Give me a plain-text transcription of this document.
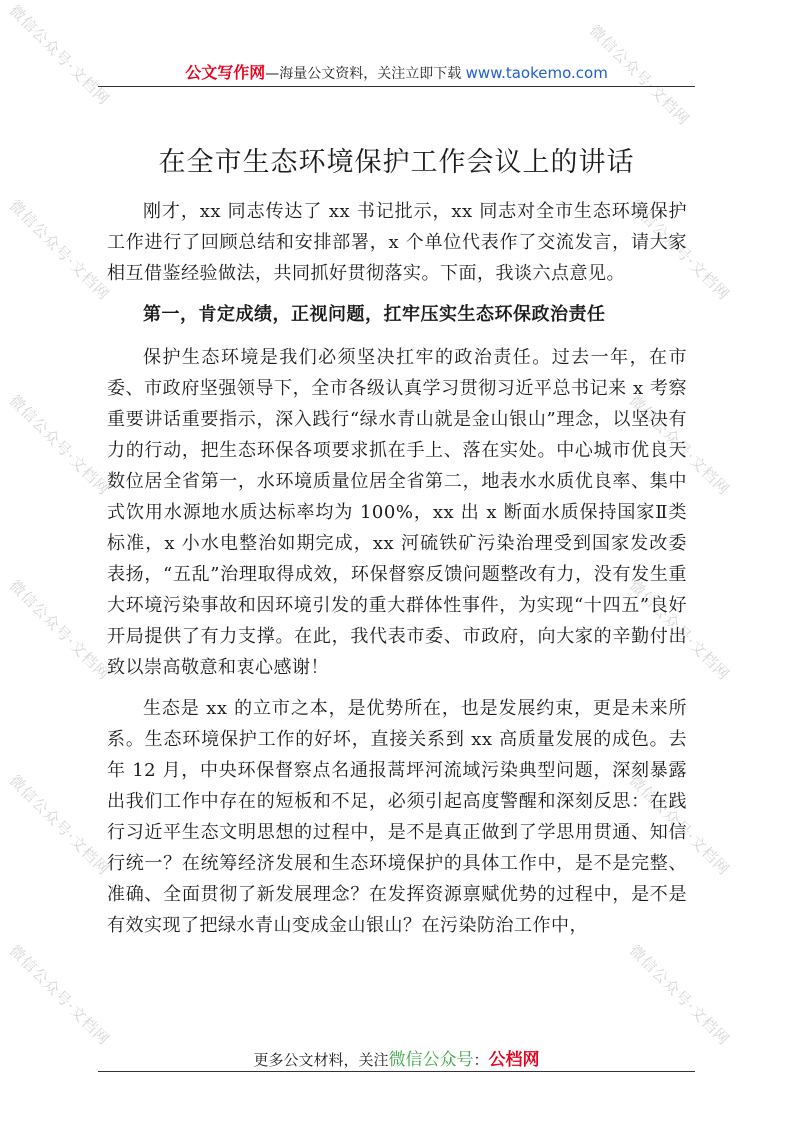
微信公众号·文档网	微信公众号·文档网
微信公众号·文档网	微信公众号·文档网
微信公众号·文档网	微信公众号·文档网
微信公众号·文档网	微信公众号·文档网
微信公众号·文档网	微信公众号·文档网
微信公众号·文档网	微信公众号·文档网
公文写作网—海量公文资料，关注立即下载 www.taokemo.com
在全市生态环境保护工作会议上的讲话

刚才，xx 同志传达了 xx 书记批示，xx 同志对全市生态环境保护工作进行了回顾总结和安排部署，x 个单位代表作了交流发言，请大家相互借鉴经验做法，共同抓好贯彻落实。下面，我谈六点意见。

第一，肯定成绩，正视问题，扛牢压实生态环保政治责任

保护生态环境是我们必须坚决扛牢的政治责任。过去一年，在市委、市政府坚强领导下，全市各级认真学习贯彻习近平总书记来 x 考察重要讲话重要指示，深入践行“绿水青山就是金山银山”理念，以坚决有力的行动，把生态环保各项要求抓在手上、落在实处。中心城市优良天数位居全省第一，水环境质量位居全省第二，地表水水质优良率、集中式饮用水源地水质达标率均为 100%，xx 出 x 断面水质保持国家Ⅱ类标准，x 小水电整治如期完成，xx 河硫铁矿污染治理受到国家发改委表扬，“五乱”治理取得成效，环保督察反馈问题整改有力，没有发生重大环境污染事故和因环境引发的重大群体性事件，为实现“十四五”良好开局提供了有力支撑。在此，我代表市委、市政府，向大家的辛勤付出致以崇高敬意和衷心感谢！

生态是 xx 的立市之本，是优势所在，也是发展约束，更是未来所系。生态环境保护工作的好坏，直接关系到 xx 高质量发展的成色。去年 12 月，中央环保督察点名通报蒿坪河流域污染典型问题，深刻暴露出我们工作中存在的短板和不足，必须引起高度警醒和深刻反思：在践行习近平生态文明思想的过程中，是不是真正做到了学思用贯通、知信行统一？在统筹经济发展和生态环境保护的具体工作中，是不是完整、准确、全面贯彻了新发展理念？在发挥资源禀赋优势的过程中，是不是有效实现了把绿水青山变成金山银山？在污染防治工作中，

更多公文材料，关注微信公众号：公档网
